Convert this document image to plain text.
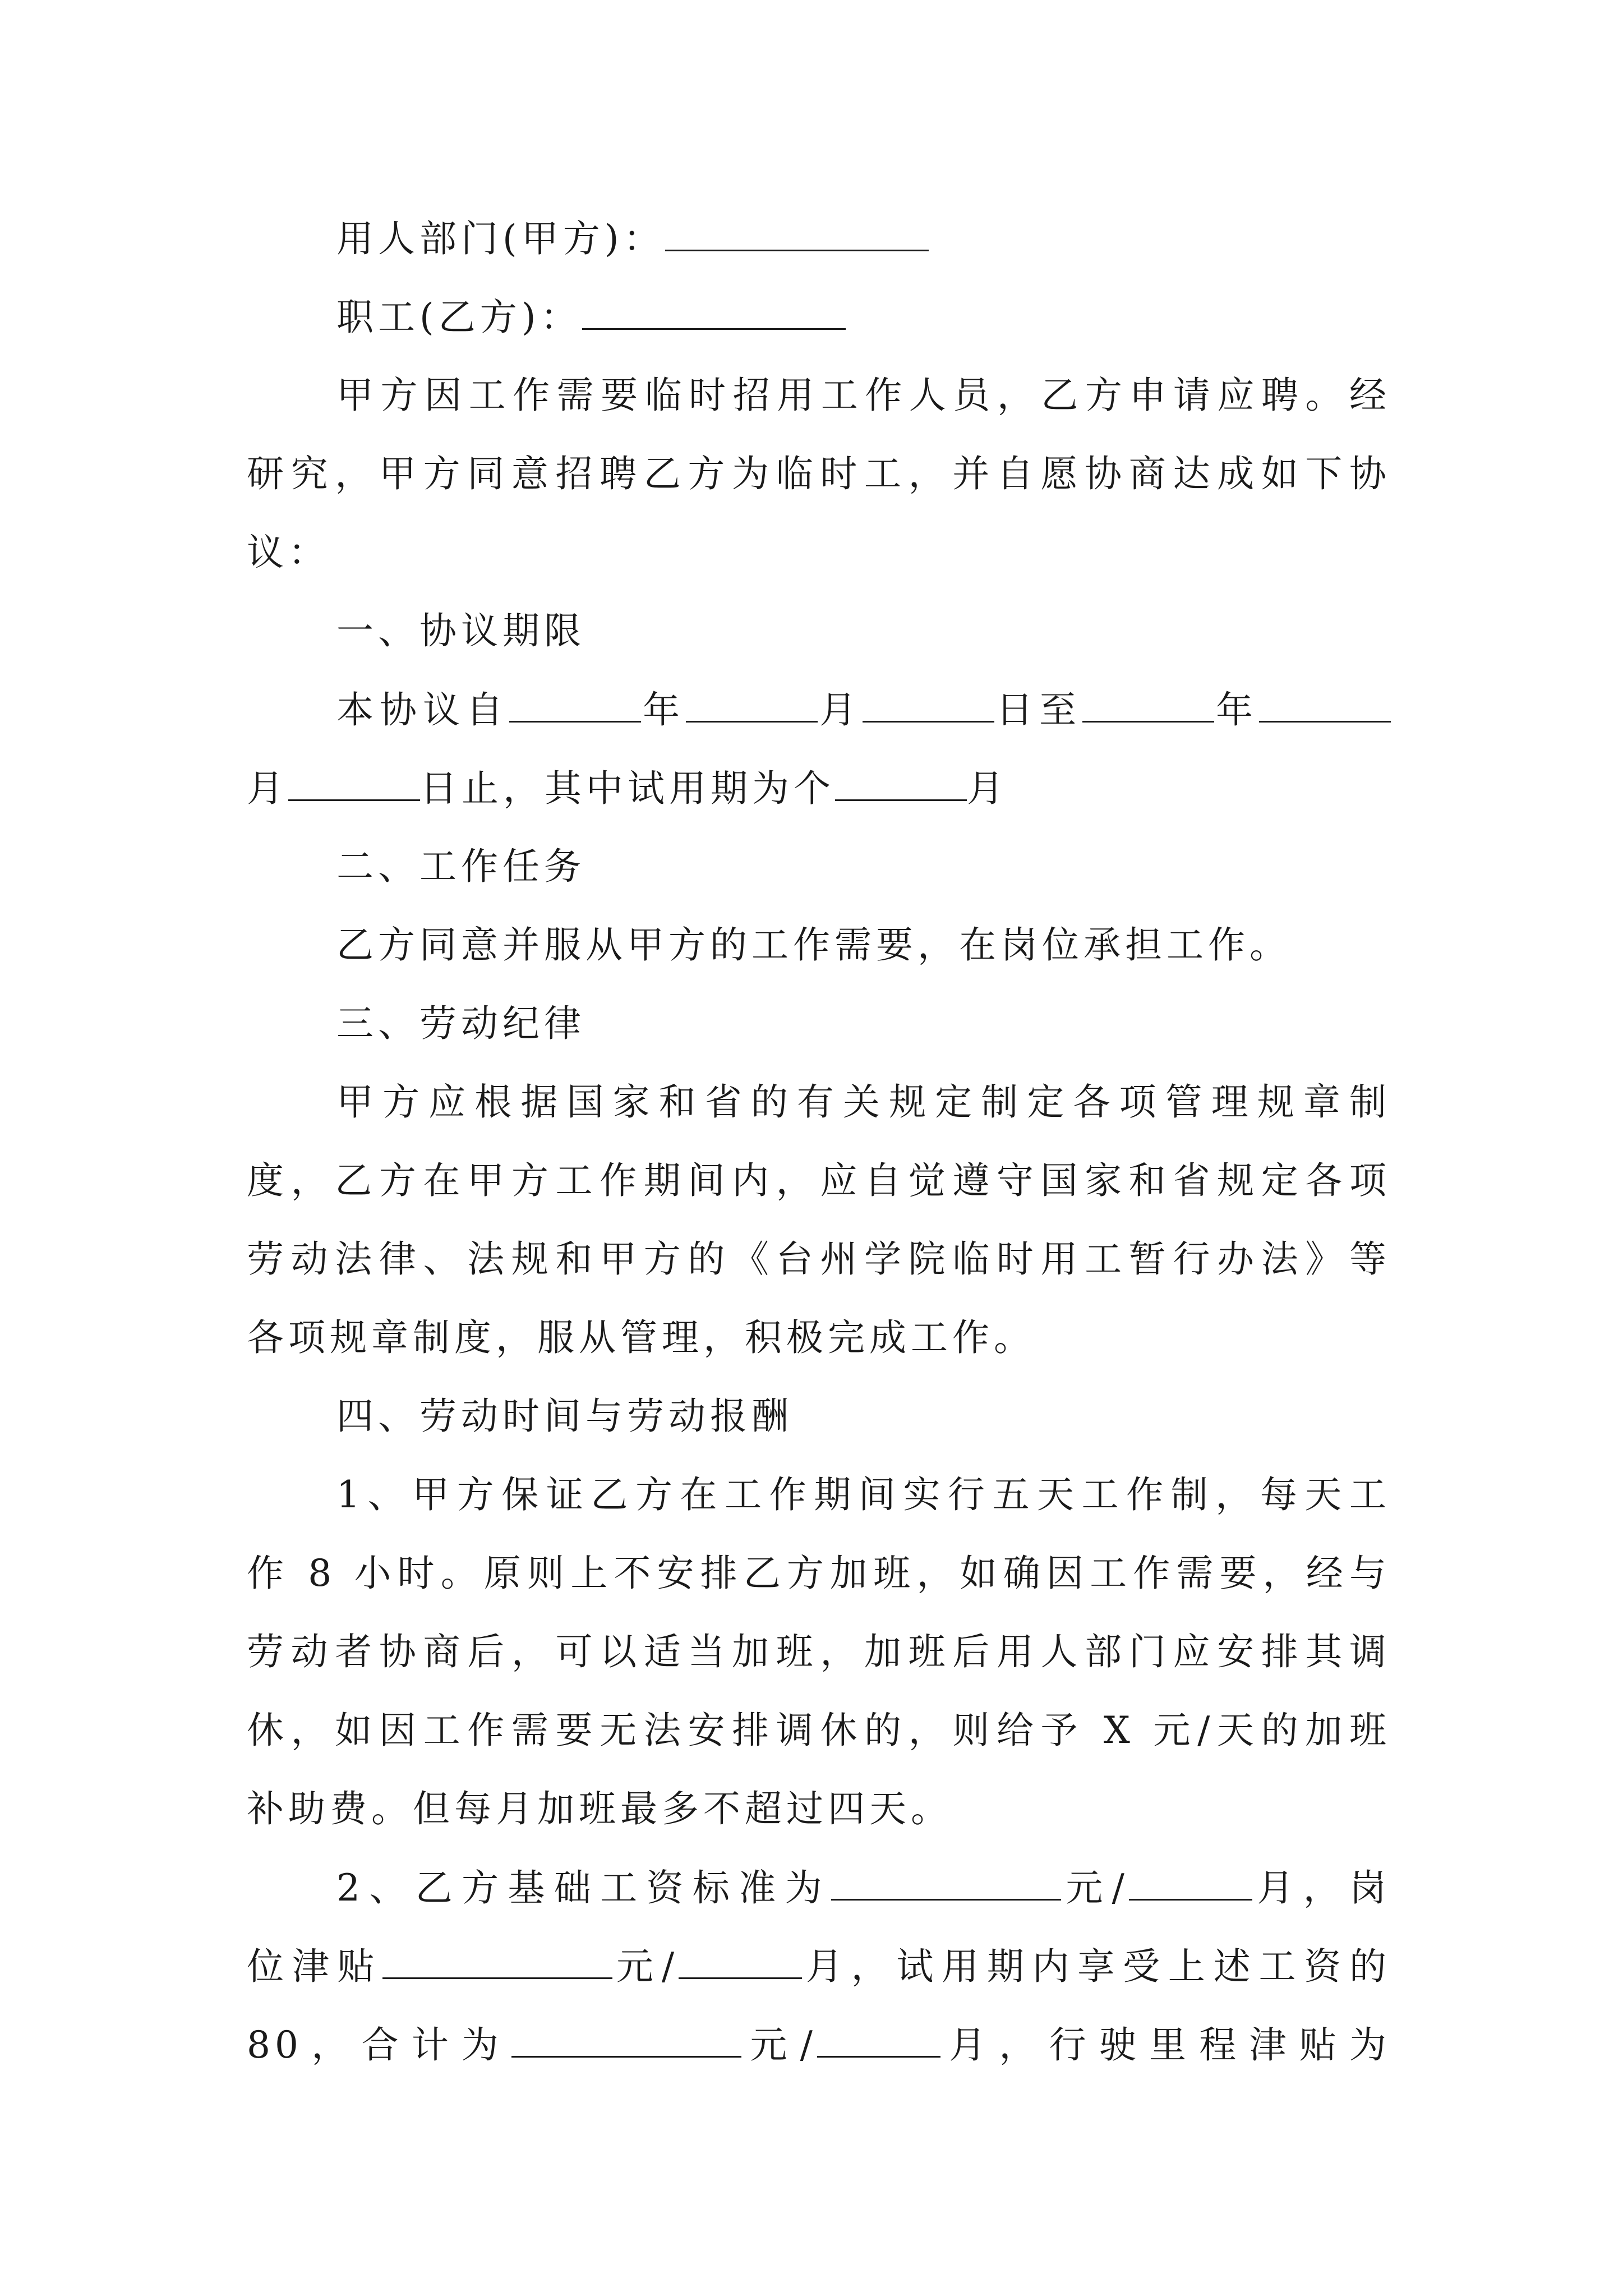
用人部门(甲方)：
职工(乙方)：
甲方因工作需要临时招用工作人员，乙方申请应聘。经
研究，甲方同意招聘乙方为临时工，并自愿协商达成如下协
议：
一、协议期限
本协议自	年	月	日至	年
月	日止，其中试用期为个	月
二、工作任务
乙方同意并服从甲方的工作需要，在岗位承担工作。
三、劳动纪律
甲方应根据国家和省的有关规定制定各项管理规章制
度，乙方在甲方工作期间内，应自觉遵守国家和省规定各项
劳动法律、法规和甲方的《台州学院临时用工暂行办法》等
各项规章制度，服从管理，积极完成工作。
四、劳动时间与劳动报酬
1、甲方保证乙方在工作期间实行五天工作制，每天工
作 8 小时。原则上不安排乙方加班，如确因工作需要，经与
劳动者协商后，可以适当加班，加班后用人部门应安排其调
休，如因工作需要无法安排调休的，则给予 X 元/天的加班
补助费。但每月加班最多不超过四天。
2、乙方基础工资标准为	元/	月，岗
位津贴	元/	月，试用期内享受上述工资的
80，合计为	元/	月，行驶里程津贴为
